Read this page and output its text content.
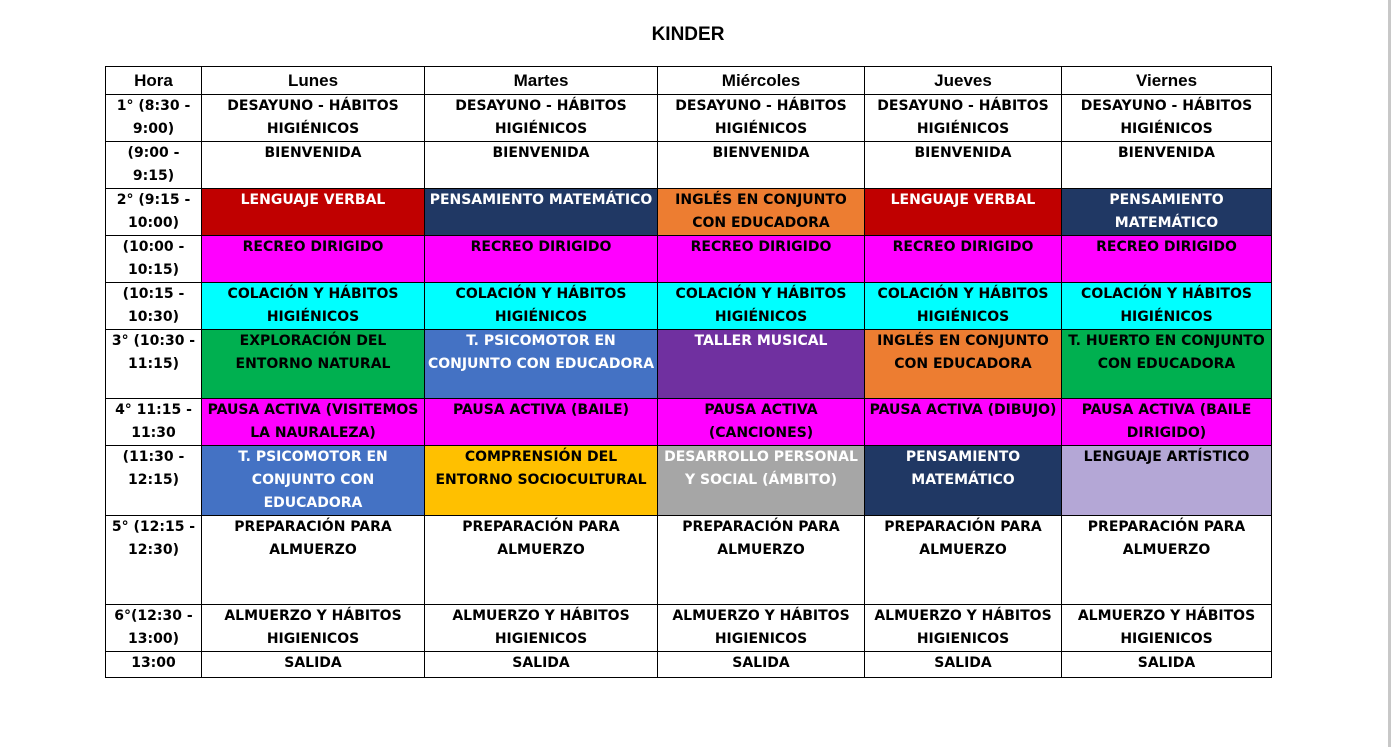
KINDER
Hora	Lunes	Martes	Miércoles	Jueves	Viernes
1° (8:30 - 9:00)	DESAYUNO - HÁBITOS HIGIÉNICOS	DESAYUNO - HÁBITOS HIGIÉNICOS	DESAYUNO - HÁBITOS HIGIÉNICOS	DESAYUNO - HÁBITOS HIGIÉNICOS	DESAYUNO - HÁBITOS HIGIÉNICOS
(9:00 - 9:15)	BIENVENIDA	BIENVENIDA	BIENVENIDA	BIENVENIDA	BIENVENIDA
2° (9:15 - 10:00)	LENGUAJE VERBAL	PENSAMIENTO MATEMÁTICO	INGLÉS EN CONJUNTO CON EDUCADORA	LENGUAJE VERBAL	PENSAMIENTO MATEMÁTICO
(10:00 - 10:15)	RECREO DIRIGIDO	RECREO DIRIGIDO	RECREO DIRIGIDO	RECREO DIRIGIDO	RECREO DIRIGIDO
(10:15 - 10:30)	COLACIÓN Y HÁBITOS HIGIÉNICOS	COLACIÓN Y HÁBITOS HIGIÉNICOS	COLACIÓN Y HÁBITOS HIGIÉNICOS	COLACIÓN Y HÁBITOS HIGIÉNICOS	COLACIÓN Y HÁBITOS HIGIÉNICOS
3° (10:30 - 11:15)	EXPLORACIÓN DEL ENTORNO NATURAL	T. PSICOMOTOR EN CONJUNTO CON EDUCADORA	TALLER MUSICAL	INGLÉS EN CONJUNTO CON EDUCADORA	T. HUERTO EN CONJUNTO CON EDUCADORA
4° 11:15 - 11:30	PAUSA ACTIVA (VISITEMOS LA NAURALEZA)	PAUSA ACTIVA (BAILE)	PAUSA ACTIVA (CANCIONES)	PAUSA ACTIVA (DIBUJO)	PAUSA ACTIVA (BAILE DIRIGIDO)
(11:30 - 12:15)	T. PSICOMOTOR EN CONJUNTO CON EDUCADORA	COMPRENSIÓN DEL ENTORNO SOCIOCULTURAL	DESARROLLO PERSONAL Y SOCIAL (ÁMBITO)	PENSAMIENTO MATEMÁTICO	LENGUAJE ARTÍSTICO
5° (12:15 - 12:30)	PREPARACIÓN PARA ALMUERZO	PREPARACIÓN PARA ALMUERZO	PREPARACIÓN PARA ALMUERZO	PREPARACIÓN PARA ALMUERZO	PREPARACIÓN PARA ALMUERZO
6°(12:30 - 13:00)	ALMUERZO Y HÁBITOS HIGIENICOS	ALMUERZO Y HÁBITOS HIGIENICOS	ALMUERZO Y HÁBITOS HIGIENICOS	ALMUERZO Y HÁBITOS HIGIENICOS	ALMUERZO Y HÁBITOS HIGIENICOS
13:00	SALIDA	SALIDA	SALIDA	SALIDA	SALIDA
